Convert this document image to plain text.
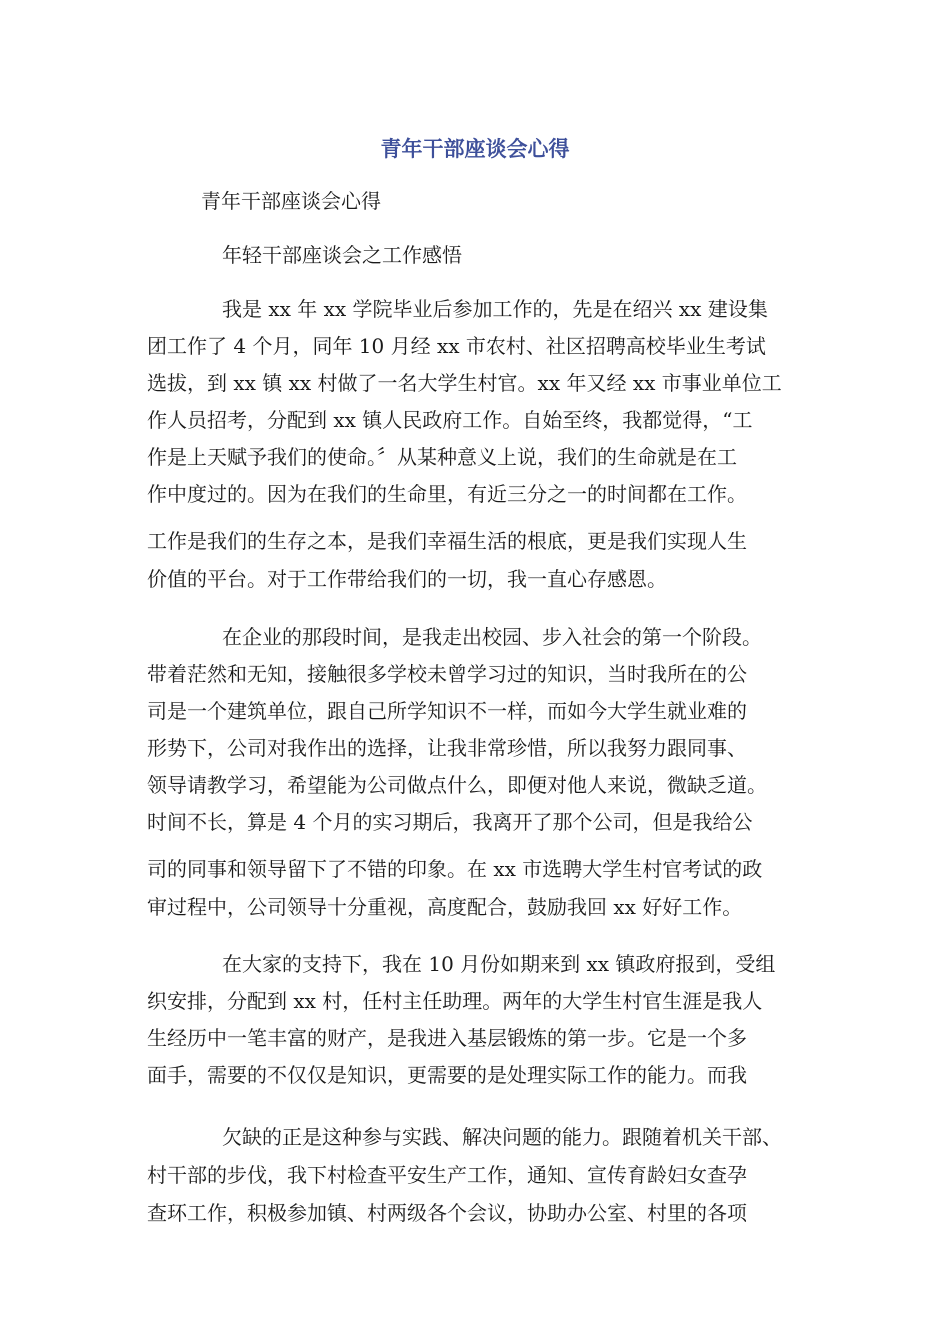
青年干部座谈会心得
青年干部座谈会心得
年轻干部座谈会之工作感悟
我是 xx 年 xx 学院毕业后参加工作的，先是在绍兴 xx 建设集
团工作了 4 个月，同年 10 月经 xx 市农村、社区招聘高校毕业生考试
选拔，到 xx 镇 xx 村做了一名大学生村官。xx 年又经 xx 市事业单位工
作人员招考，分配到 xx 镇人民政府工作。自始至终，我都觉得，“工
作是上天赋予我们的使命。〞从某种意义上说，我们的生命就是在工
作中度过的。因为在我们的生命里，有近三分之一的时间都在工作。
工作是我们的生存之本，是我们幸福生活的根底，更是我们实现人生
价值的平台。对于工作带给我们的一切，我一直心存感恩。
在企业的那段时间，是我走出校园、步入社会的第一个阶段。
带着茫然和无知，接触很多学校未曾学习过的知识，当时我所在的公
司是一个建筑单位，跟自己所学知识不一样，而如今大学生就业难的
形势下，公司对我作出的选择，让我非常珍惜，所以我努力跟同事、
领导请教学习，希望能为公司做点什么，即便对他人来说，微缺乏道。
时间不长，算是 4 个月的实习期后，我离开了那个公司，但是我给公
司的同事和领导留下了不错的印象。在 xx 市选聘大学生村官考试的政
审过程中，公司领导十分重视，高度配合，鼓励我回 xx 好好工作。
在大家的支持下，我在 10 月份如期来到 xx 镇政府报到，受组
织安排，分配到 xx 村，任村主任助理。两年的大学生村官生涯是我人
生经历中一笔丰富的财产，是我进入基层锻炼的第一步。它是一个多
面手，需要的不仅仅是知识，更需要的是处理实际工作的能力。而我
欠缺的正是这种参与实践、解决问题的能力。跟随着机关干部、
村干部的步伐，我下村检查平安生产工作，通知、宣传育龄妇女查孕
查环工作，积极参加镇、村两级各个会议，协助办公室、村里的各项
